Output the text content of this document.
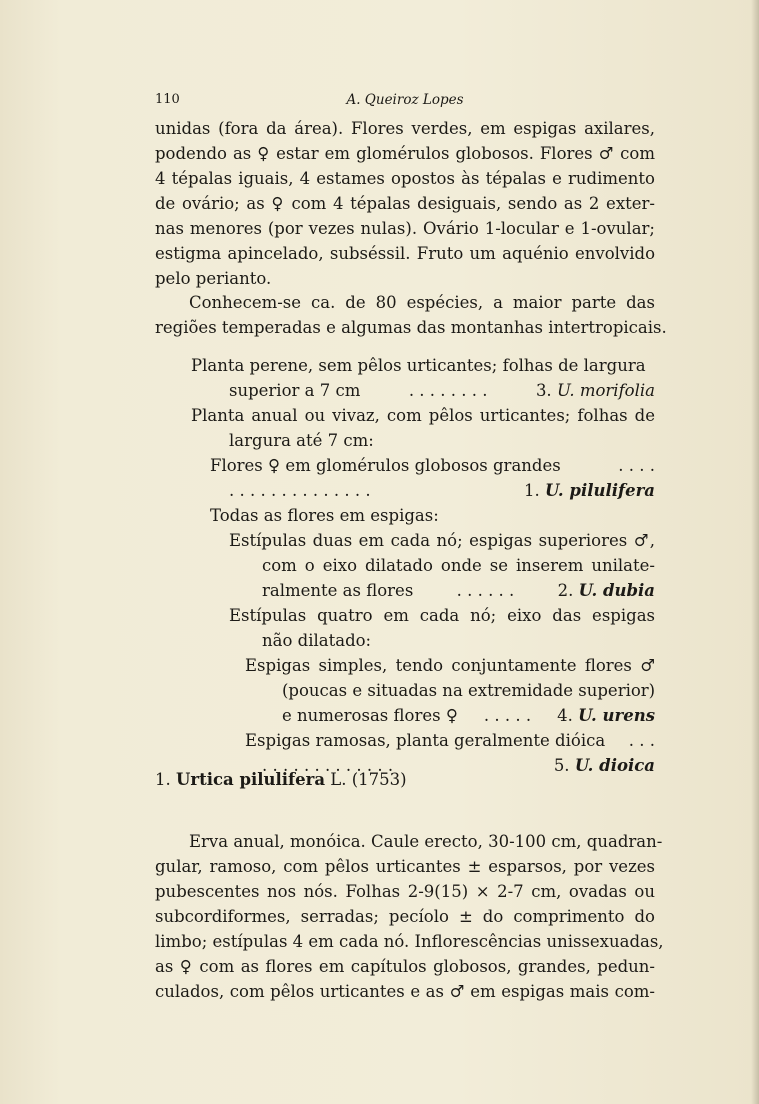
110	A. Queiroz Lopes
unidas (fora da área). Flores verdes, em espigas axilares,
podendo as ♀ estar em glomérulos globosos. Flores ♂ com
4 tépalas iguais, 4 estames opostos às tépalas e rudimento
de ovário; as ♀ com 4 tépalas desiguais, sendo as 2 exter-
nas menores (por vezes nulas). Ovário 1-locular e 1-ovular;
estigma apincelado, subséssil. Fruto um aquénio envolvido
pelo perianto.
Conhecem-se ca. de 80 espécies, a maior parte das
regiões temperadas e algumas das montanhas intertropicais.
Planta perene, sem pêlos urticantes; folhas de largura
superior a 7 cm	. . . . . . . .	3. U. morifolia
Planta anual ou vivaz, com pêlos urticantes; folhas de
largura até 7 cm:
Flores ♀ em glomérulos globosos grandes	. . . .
. . . . . . . . . . . . . .	1. U. pilulifera
Todas as flores em espigas:
Estípulas duas em cada nó; espigas superiores ♂,
com o eixo dilatado onde se inserem unilate-
ralmente as flores	. . . . . .	2. U. dubia
Estípulas quatro em cada nó; eixo das espigas
não dilatado:
Espigas simples, tendo conjuntamente flores ♂
(poucas e situadas na extremidade superior)
e numerosas flores ♀ . . . . . 4. U. urens
Espigas ramosas, planta geralmente dióica . . .
. . . . . . . . . . . . .	5. U. dioica
1. Urtica pilulifera L. (1753)
Erva anual, monóica. Caule erecto, 30-100 cm, quadran-
gular, ramoso, com pêlos urticantes ± esparsos, por vezes
pubescentes nos nós. Folhas 2-9(15) × 2-7 cm, ovadas ou
subcordiformes, serradas; pecíolo ± do comprimento do
limbo; estípulas 4 em cada nó. Inflorescências unissexuadas,
as ♀ com as flores em capítulos globosos, grandes, pedun-
culados, com pêlos urticantes e as ♂ em espigas mais com-
